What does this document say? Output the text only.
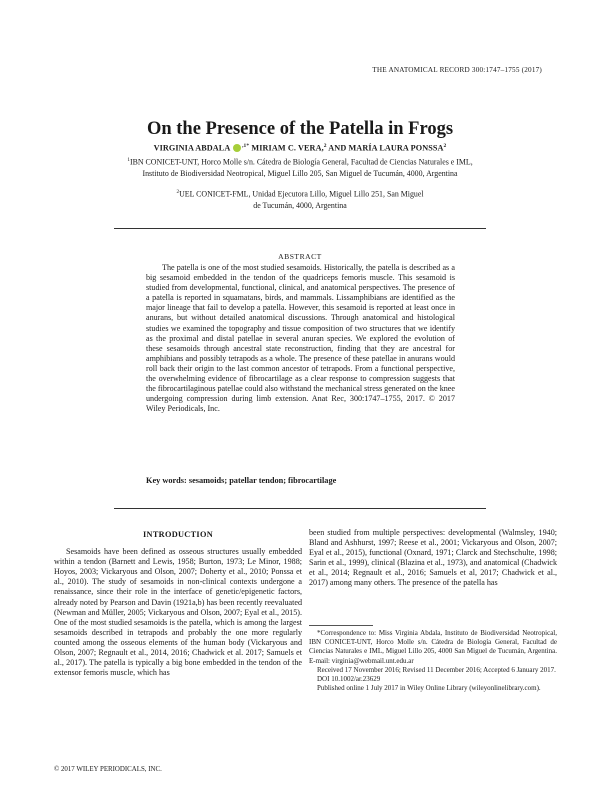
THE ANATOMICAL RECORD 300:1747–1755 (2017)
On the Presence of the Patella in Frogs
VIRGINIA ABDALA $^{,1*}$ MIRIAM C. VERA,$^2$ AND MARÍA LAURA PONSSA$^2$
$^1$IBN CONICET-UNT, Horco Molle s/n. Cátedra de Biología General, Facultad de Ciencias Naturales e IML, Instituto de Biodiversidad Neotropical, Miguel Lillo 205, San Miguel de Tucumán, 4000, Argentina
$^2$UEL CONICET-FML, Unidad Ejecutora Lillo, Miguel Lillo 251, San Miguel de Tucumán, 4000, Argentina
ABSTRACT
The patella is one of the most studied sesamoids. Historically, the patella is described as a big sesamoid embedded in the tendon of the quadriceps femoris muscle. This sesamoid is studied from developmental, functional, clinical, and anatomical perspectives. The presence of a patella is reported in squamatans, birds, and mammals. Lissamphibians are identified as the major lineage that fail to develop a patella. However, this sesamoid is reported at least once in anurans, but without detailed anatomical discussions. Through anatomical and histological studies we examined the topography and tissue composition of two structures that we identify as the proximal and distal patellae in several anuran species. We explored the evolution of these sesamoids through ancestral state reconstruction, finding that they are ancestral for amphibians and possibly tetrapods as a whole. The presence of these patellae in anurans would roll back their origin to the last common ancestor of tetrapods. From a functional perspective, the overwhelming evidence of fibrocartilage as a clear response to compression suggests that the fibrocartilaginous patellae could also withstand the mechanical stress generated on the knee undergoing compression during limb extension. Anat Rec, 300:1747–1755, 2017. © 2017 Wiley Periodicals, Inc.
Key words: sesamoids; patellar tendon; fibrocartilage
INTRODUCTION
Sesamoids have been defined as osseous structures usually embedded within a tendon (Barnett and Lewis, 1958; Burton, 1973; Le Minor, 1988; Hoyos, 2003; Vickaryous and Olson, 2007; Doherty et al., 2010; Ponssa et al., 2010). The study of sesamoids in non-clinical contexts undergone a renaissance, since their role in the interface of genetic/epigenetic factors, already noted by Pearson and Davin (1921a,b) has been recently reevaluated (Newman and Müller, 2005; Vickaryous and Olson, 2007; Eyal et al., 2015). One of the most studied sesamoids is the patella, which is among the largest sesamoids described in tetrapods and probably the one more regularly counted among the osseous elements of the human body (Vickaryous and Olson, 2007; Regnault et al., 2014, 2016; Chadwick et al. 2017; Samuels et al., 2017). The patella is typically a big bone embedded in the tendon of the extensor femoris muscle, which has
been studied from multiple perspectives: developmental (Walmsley, 1940; Bland and Ashhurst, 1997; Reese et al., 2001; Vickaryous and Olson, 2007; Eyal et al., 2015), functional (Oxnard, 1971; Clarck and Stechschulte, 1998; Sarin et al., 1999), clinical (Blazina et al., 1973), and anatomical (Chadwick et al., 2014; Regnault et al., 2016; Samuels et al, 2017; Chadwick et al., 2017) among many others. The presence of the patella has
*Correspondence to: Miss Virginia Abdala, Instituto de Biodiversidad Neotropical, IBN CONICET-UNT, Horco Molle s/n. Cátedra de Biología General, Facultad de Ciencias Naturales e IML, Miguel Lillo 205, 4000 San Miguel de Tucumán, Argentina. E-mail: virginia@webmail.unt.edu.ar
Received 17 November 2016; Revised 11 December 2016; Accepted 6 January 2017.
DOI 10.1002/ar.23629
Published online 1 July 2017 in Wiley Online Library (wileyonlinelibrary.com).
© 2017 WILEY PERIODICALS, INC.
